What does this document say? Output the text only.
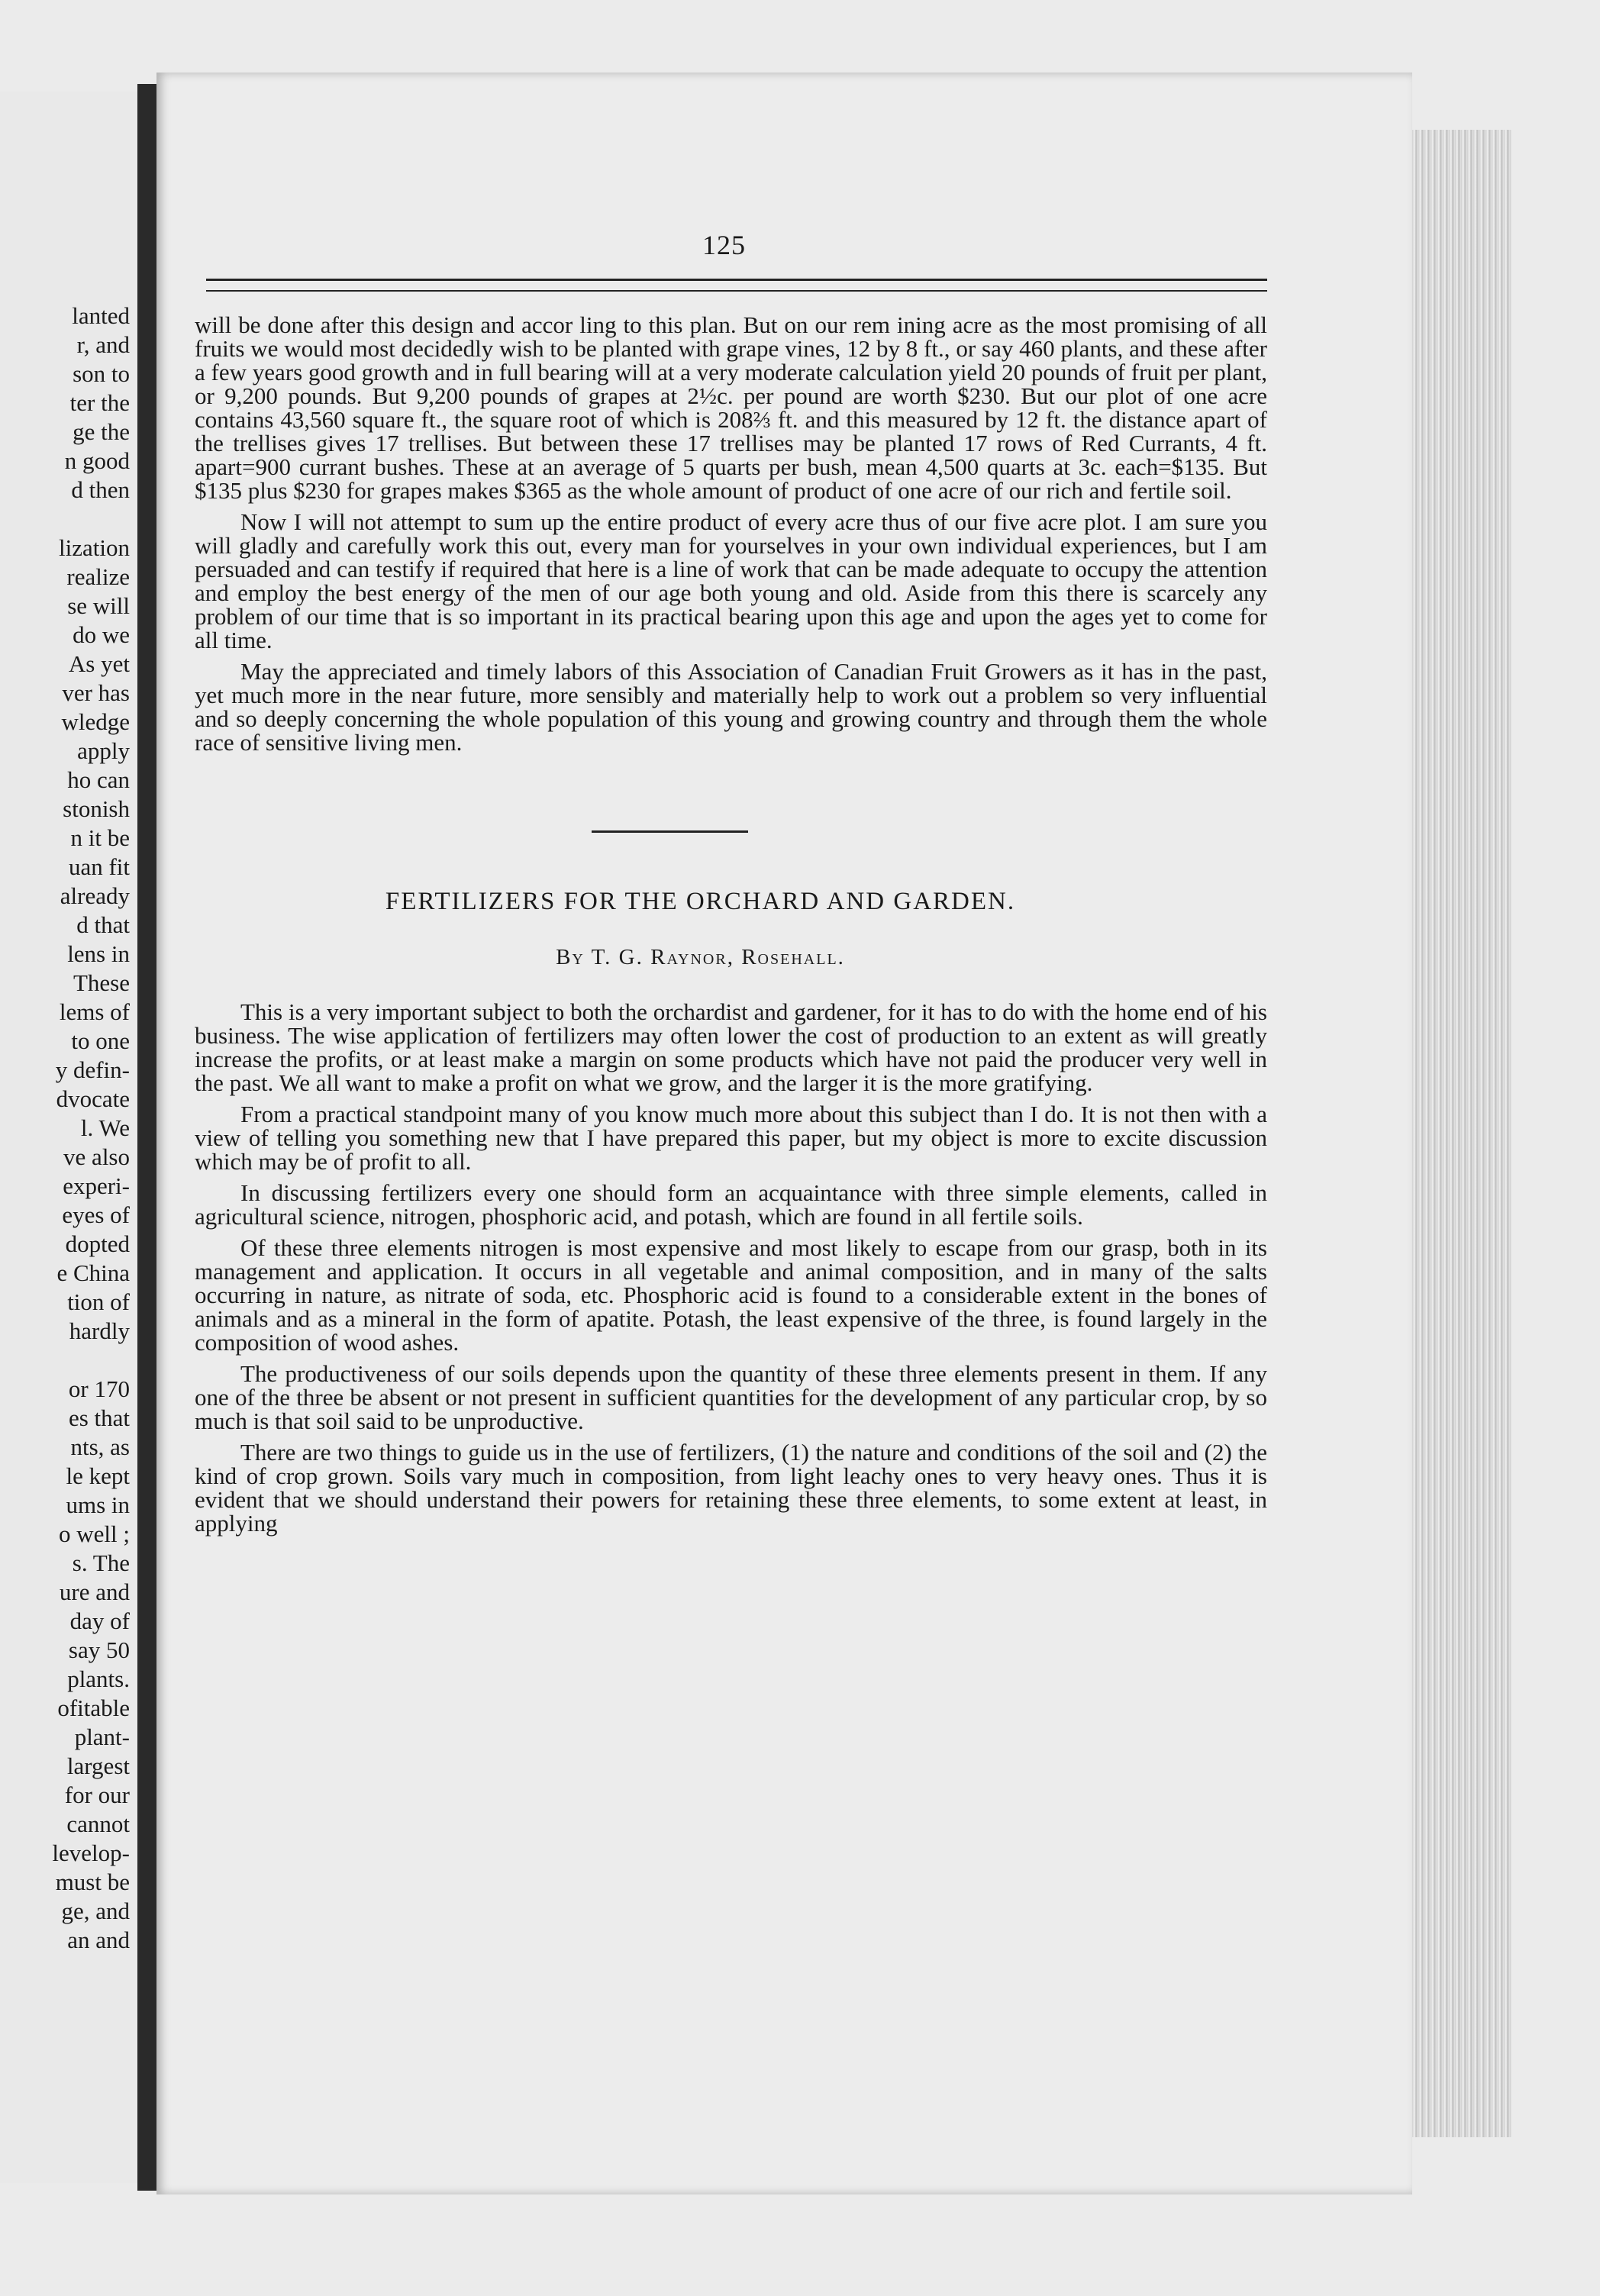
lanted
r, and
son to
ter the
ge the
n good
d then
lization
realize
se will
do we
As yet
ver has
wledge
apply
ho can
stonish
n it be
uan fit
already
d that
lens in
These
lems of
to one
y defin-
dvocate
l. We
ve also
experi-
eyes of
dopted
e China
tion of
hardly
or 170
es that
nts, as
le kept
ums in
o well ;
s. The
ure and
day of
say 50
plants.
ofitable
plant-
largest
for our
cannot
levelop-
must be
ge, and
an and
125

will be done after this design and accor ling to this plan. But on our rem ining acre as the most promising of all fruits we would most decidedly wish to be planted with grape vines, 12 by 8 ft., or say 460 plants, and these after a few years good growth and in full bearing will at a very moderate calculation yield 20 pounds of fruit per plant, or 9,200 pounds. But 9,200 pounds of grapes at 2½c. per pound are worth $230. But our plot of one acre contains 43,560 square ft., the square root of which is 208⅔ ft. and this measured by 12 ft. the distance apart of the trellises gives 17 trellises. But between these 17 trellises may be planted 17 rows of Red Currants, 4 ft. apart=900 currant bushes. These at an average of 5 quarts per bush, mean 4,500 quarts at 3c. each=$135. But $135 plus $230 for grapes makes $365 as the whole amount of product of one acre of our rich and fertile soil.

Now I will not attempt to sum up the entire product of every acre thus of our five acre plot. I am sure you will gladly and carefully work this out, every man for yourselves in your own individual experiences, but I am persuaded and can testify if required that here is a line of work that can be made adequate to occupy the attention and employ the best energy of the men of our age both young and old. Aside from this there is scarcely any problem of our time that is so important in its practical bearing upon this age and upon the ages yet to come for all time.

May the appreciated and timely labors of this Association of Canadian Fruit Growers as it has in the past, yet much more in the near future, more sensibly and materially help to work out a problem so very influential and so deeply concerning the whole population of this young and growing country and through them the whole race of sensitive living men.

FERTILIZERS FOR THE ORCHARD AND GARDEN.
By T. G. Raynor, Rosehall.

This is a very important subject to both the orchardist and gardener, for it has to do with the home end of his business. The wise application of fertilizers may often lower the cost of production to an extent as will greatly increase the profits, or at least make a margin on some products which have not paid the producer very well in the past. We all want to make a profit on what we grow, and the larger it is the more gratifying.

From a practical standpoint many of you know much more about this subject than I do. It is not then with a view of telling you something new that I have prepared this paper, but my object is more to excite discussion which may be of profit to all.

In discussing fertilizers every one should form an acquaintance with three simple elements, called in agricultural science, nitrogen, phosphoric acid, and potash, which are found in all fertile soils.

Of these three elements nitrogen is most expensive and most likely to escape from our grasp, both in its management and application. It occurs in all vegetable and animal composition, and in many of the salts occurring in nature, as nitrate of soda, etc. Phosphoric acid is found to a considerable extent in the bones of animals and as a mineral in the form of apatite. Potash, the least expensive of the three, is found largely in the composition of wood ashes.

The productiveness of our soils depends upon the quantity of these three elements present in them. If any one of the three be absent or not present in sufficient quantities for the development of any particular crop, by so much is that soil said to be unproductive.

There are two things to guide us in the use of fertilizers, (1) the nature and conditions of the soil and (2) the kind of crop grown. Soils vary much in composition, from light leachy ones to very heavy ones. Thus it is evident that we should understand their powers for retaining these three elements, to some extent at least, in applying
